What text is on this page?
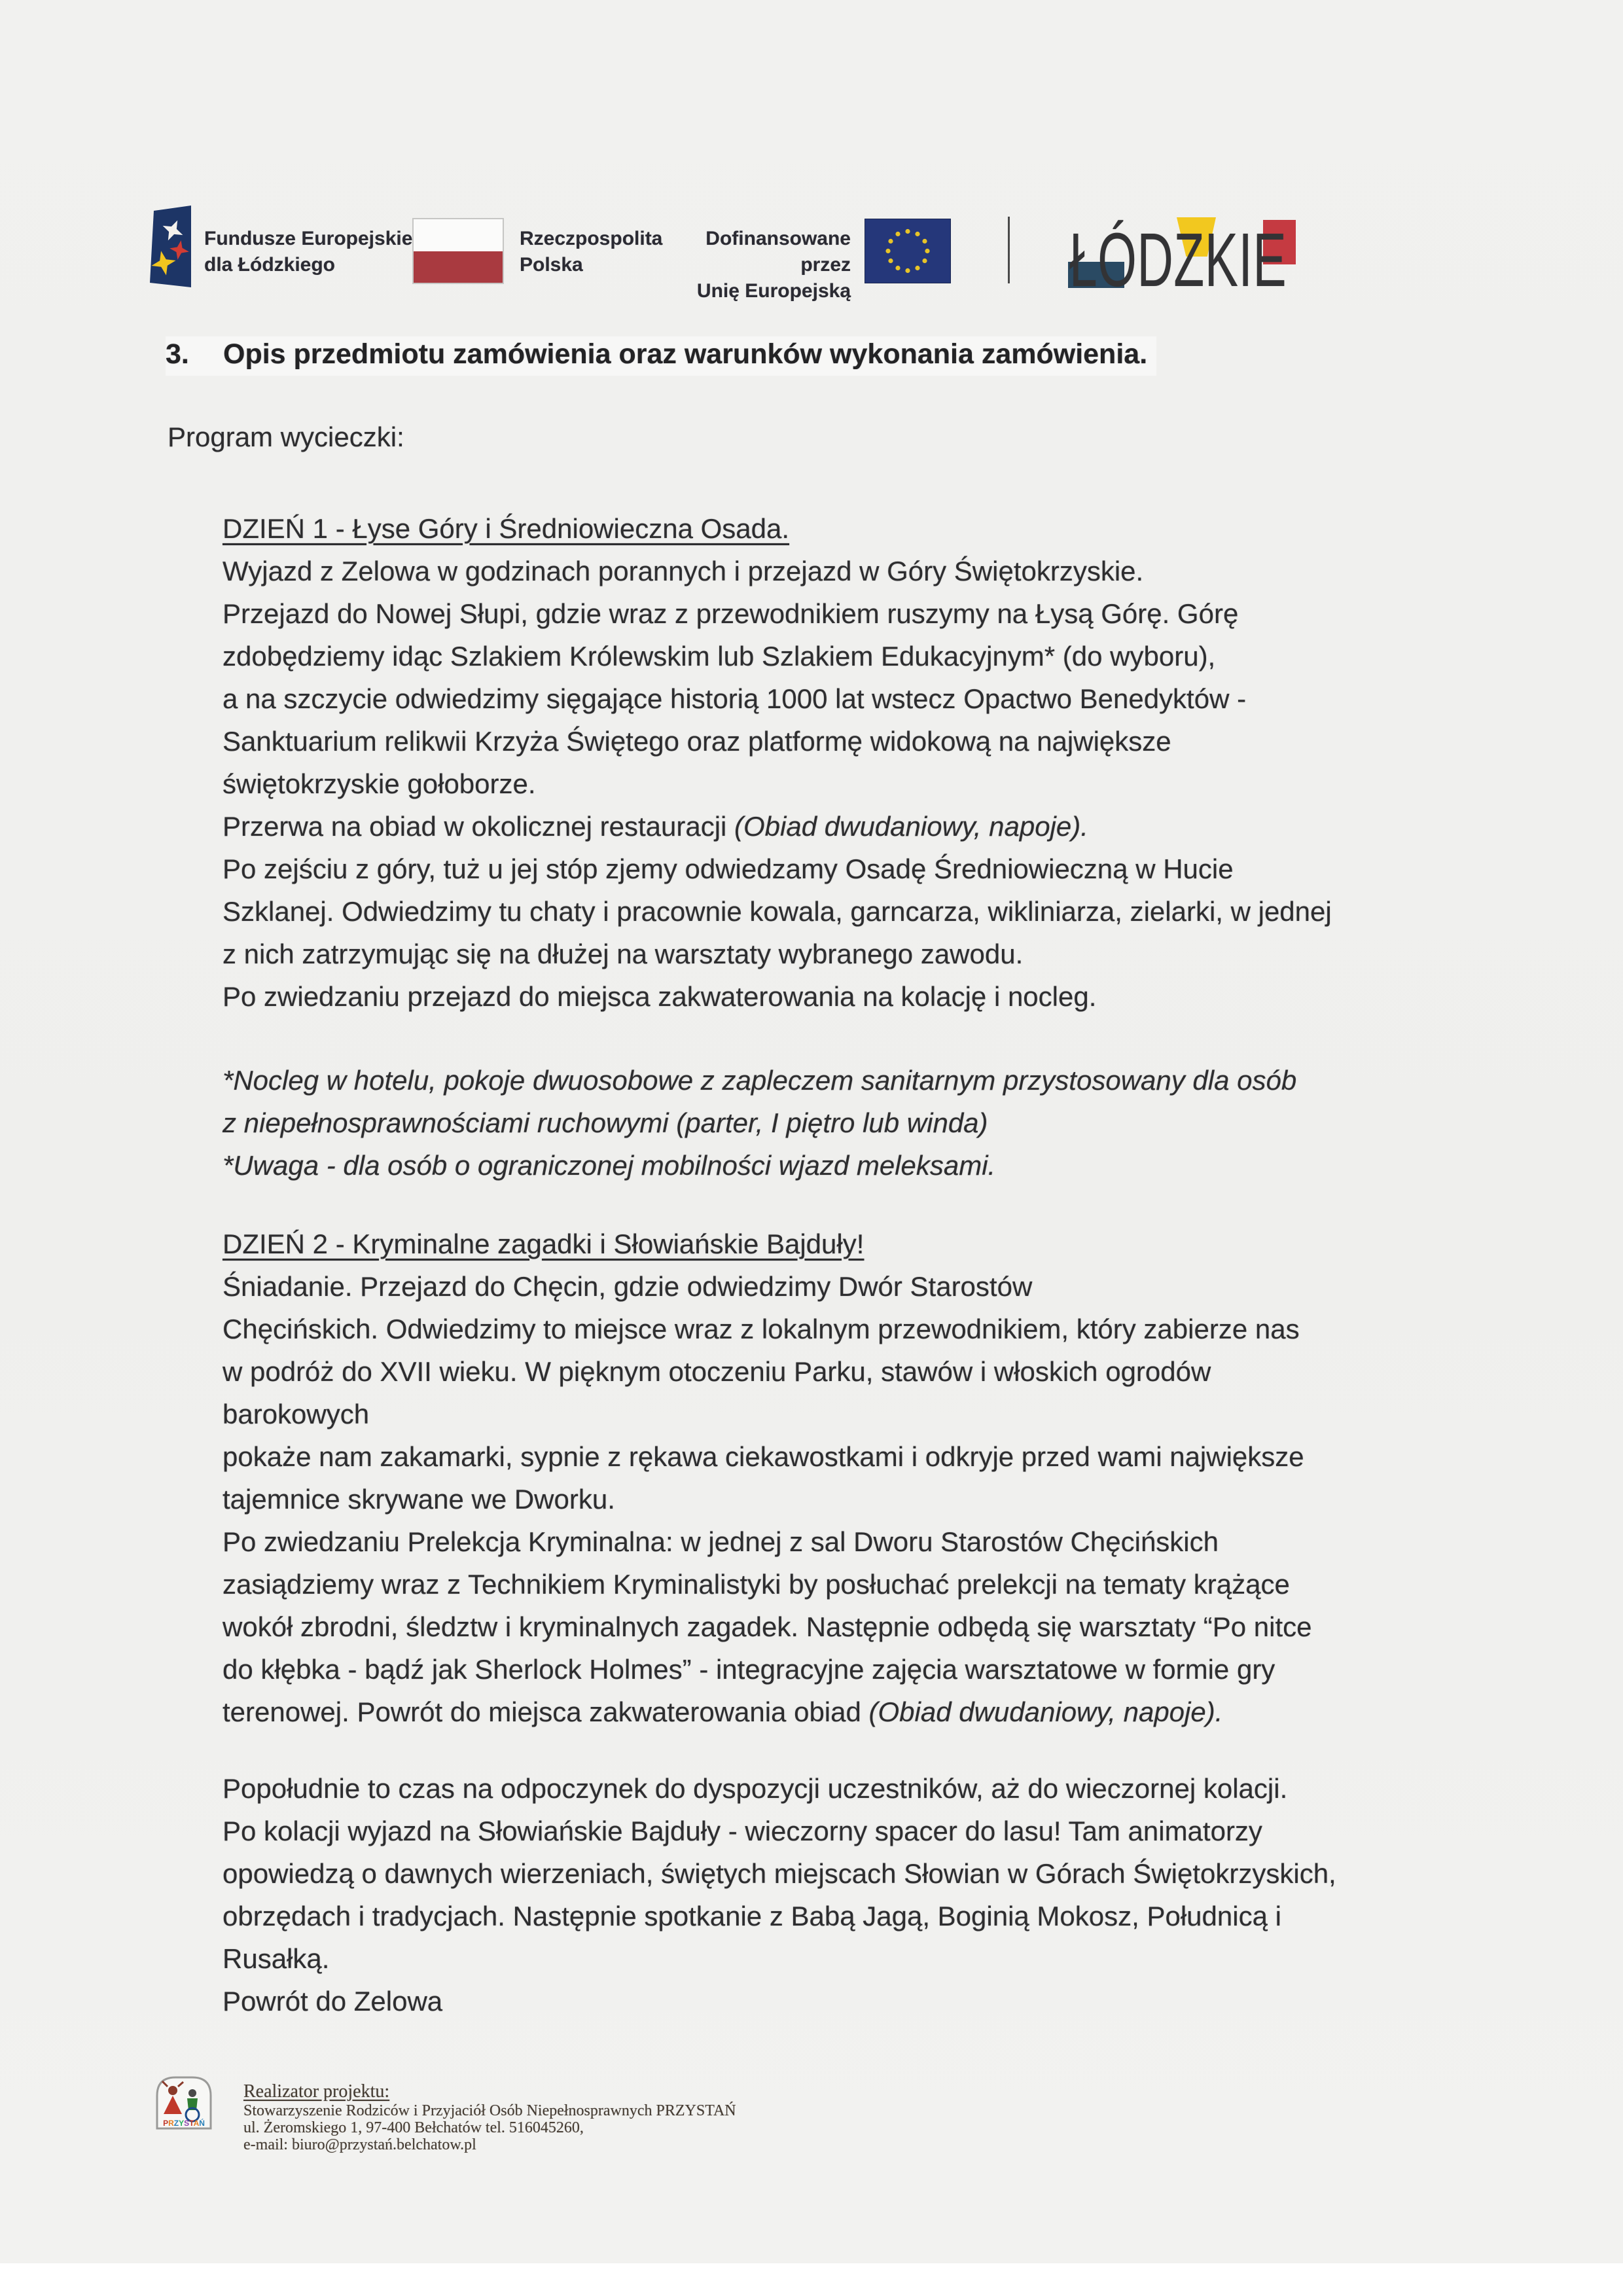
Fundusze Europejskie
dla Łódzkiego
Rzeczpospolita
Polska
Dofinansowane przez
Unię Europejską	ŁÓDZKIE
3. Opis przedmiotu zamówienia oraz warunków wykonania zamówienia.

Program wycieczki:

DZIEŃ 1 - Łyse Góry i Średniowieczna Osada.
Wyjazd z Zelowa w godzinach porannych i przejazd w Góry Świętokrzyskie.
Przejazd do Nowej Słupi, gdzie wraz z przewodnikiem ruszymy na Łysą Górę. Górę
zdobędziemy idąc Szlakiem Królewskim lub Szlakiem Edukacyjnym* (do wyboru),
a na szczycie odwiedzimy sięgające historią 1000 lat wstecz Opactwo Benedyktów -
Sanktuarium relikwii Krzyża Świętego oraz platformę widokową na największe
świętokrzyskie gołoborze.
Przerwa na obiad w okolicznej restauracji (Obiad dwudaniowy, napoje).
Po zejściu z góry, tuż u jej stóp zjemy odwiedzamy Osadę Średniowieczną w Hucie
Szklanej. Odwiedzimy tu chaty i pracownie kowala, garncarza, wikliniarza, zielarki, w jednej
z nich zatrzymując się na dłużej na warsztaty wybranego zawodu.
Po zwiedzaniu przejazd do miejsca zakwaterowania na kolację i nocleg.
*Nocleg w hotelu, pokoje dwuosobowe z zapleczem sanitarnym przystosowany dla osób
z niepełnosprawnościami ruchowymi (parter, I piętro lub winda)
*Uwaga - dla osób o ograniczonej mobilności wjazd meleksami.
DZIEŃ 2 - Kryminalne zagadki i Słowiańskie Bajduły!
Śniadanie. Przejazd do Chęcin, gdzie odwiedzimy Dwór Starostów
Chęcińskich. Odwiedzimy to miejsce wraz z lokalnym przewodnikiem, który zabierze nas
w podróż do XVII wieku. W pięknym otoczeniu Parku, stawów i włoskich ogrodów
barokowych
pokaże nam zakamarki, sypnie z rękawa ciekawostkami i odkryje przed wami największe
tajemnice skrywane we Dworku.
Po zwiedzaniu Prelekcja Kryminalna: w jednej z sal Dworu Starostów Chęcińskich
zasiądziemy wraz z Technikiem Kryminalistyki by posłuchać prelekcji na tematy krążące
wokół zbrodni, śledztw i kryminalnych zagadek. Następnie odbędą się warsztaty “Po nitce
do kłębka - bądź jak Sherlock Holmes” - integracyjne zajęcia warsztatowe w formie gry
terenowej. Powrót do miejsca zakwaterowania obiad (Obiad dwudaniowy, napoje).
Popołudnie to czas na odpoczynek do dyspozycji uczestników, aż do wieczornej kolacji.
Po kolacji wyjazd na Słowiańskie Bajduły - wieczorny spacer do lasu! Tam animatorzy
opowiedzą o dawnych wierzeniach, świętych miejscach Słowian w Górach Świętokrzyskich,
obrzędach i tradycjach. Następnie spotkanie z Babą Jagą, Boginią Mokosz, Południcą i
Rusałką.
Powrót do Zelowa
PRZYSTAŃ
Realizator projektu:
Stowarzyszenie Rodziców i Przyjaciół Osób Niepełnosprawnych PRZYSTAŃ
ul. Żeromskiego 1, 97-400 Bełchatów tel. 516045260,
e-mail: biuro@przystań.belchatow.pl
